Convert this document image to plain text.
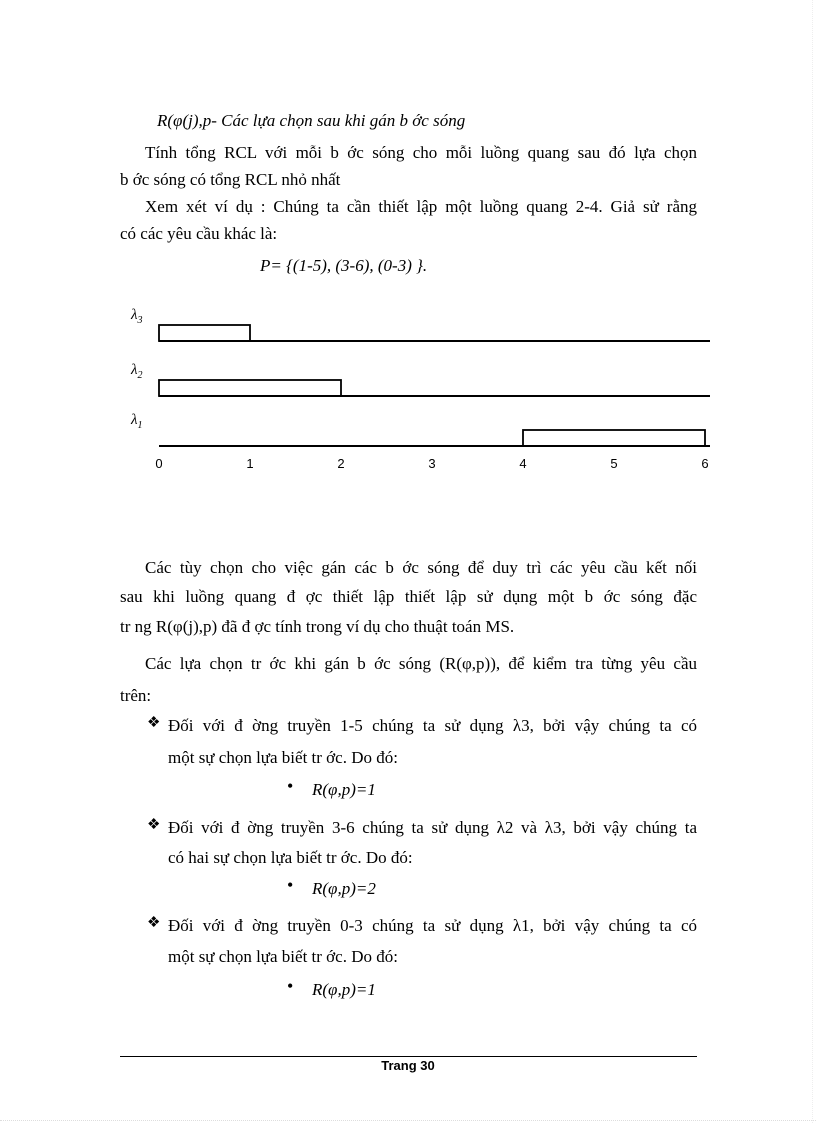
R(φ(j),p- Các lựa chọn sau khi gán b ớc sóng
Tính tổng RCL với mỗi b ớc sóng cho mỗi luồng quang sau đó lựa chọn
b ớc sóng có tổng RCL nhỏ nhất
Xem xét ví dụ : Chúng ta cần thiết lập một luồng quang 2-4. Giả sử rằng
có các yêu cầu khác là:
P= {(1-5), (3-6), (0-3) }.
$\lambda_3$
$\lambda_2$
$\lambda_1$
0	1	2	3	4	5	6
Các tùy chọn cho việc gán các b ớc sóng để duy trì các yêu cầu kết nối
sau khi luồng quang đ ợc thiết lập thiết lập sử dụng một b ớc sóng đặc
tr ng R(φ(j),p) đã đ ợc tính trong ví dụ cho thuật toán MS.
Các lựa chọn tr ớc khi gán b ớc sóng (R(φ,p)), để kiểm tra từng yêu cầu
trên:
❖ Đối với đ ờng truyền 1-5 chúng ta sử dụng λ3, bởi vậy chúng ta có
một sự chọn lựa biết tr ớc. Do đó:
• R(φ,p)=1
❖ Đối với đ ờng truyền 3-6 chúng ta sử dụng λ2 và λ3, bởi vậy chúng ta
có hai sự chọn lựa biết tr ớc. Do đó:
• R(φ,p)=2
❖ Đối với đ ờng truyền 0-3 chúng ta sử dụng λ1, bởi vậy chúng ta có
một sự chọn lựa biết tr ớc. Do đó:
• R(φ,p)=1
Trang 30
